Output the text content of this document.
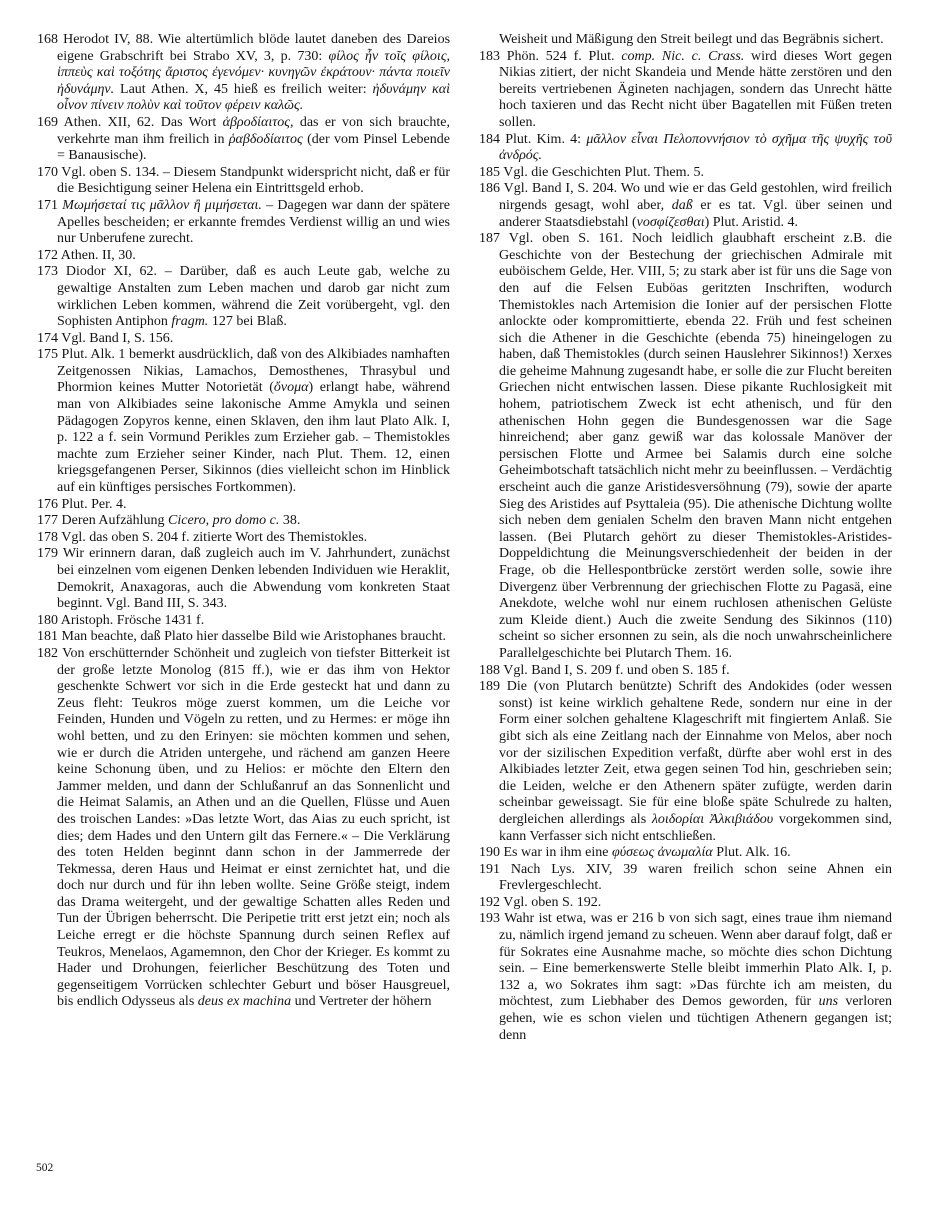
168 Herodot IV, 88. Wie altertümlich blöde lautet daneben des Dareios eigene Grabschrift bei Strabo XV, 3, p. 730: φίλος ἦν τοῖς φίλοις, ἱππεὺς καὶ τοξότης ἄριστος ἐγενόμεν· κυνηγῶν ἐκράτουν· πάντα ποιεῖν ἠδυνάμην. Laut Athen. X, 45 hieß es freilich weiter: ἠδυνάμην καὶ οἶνον πίνειν πολὺν καὶ τοῦτον φέρειν καλῶς.
169 Athen. XII, 62. Das Wort ἁβροδίαιτος, das er von sich brauchte, verkehrte man ihm freilich in ῥαβδοδίαιτος (der vom Pinsel Lebende = Banausische).
170 Vgl. oben S. 134. – Diesem Standpunkt widerspricht nicht, daß er für die Besichtigung seiner Helena ein Eintrittsgeld erhob.
171 Μωμήσεταί τις μᾶλλον ἢ μιμήσεται. – Dagegen war dann der spätere Apelles bescheiden; er erkannte fremdes Verdienst willig an und wies nur Unberufene zurecht.
172 Athen. II, 30.
173 Diodor XI, 62. – Darüber, daß es auch Leute gab, welche zu gewaltige Anstalten zum Leben machen und darob gar nicht zum wirklichen Leben kommen, während die Zeit vorübergeht, vgl. den Sophisten Antiphon fragm. 127 bei Blaß.
174 Vgl. Band I, S. 156.
175 Plut. Alk. 1 bemerkt ausdrücklich, daß von des Alkibiades namhaften Zeitgenossen Nikias, Lamachos, Demosthenes, Thrasybul und Phormion keines Mutter Notorietät (ὄνομα) erlangt habe, während man von Alkibiades seine lakonische Amme Amykla und seinen Pädagogen Zopyros kenne, einen Sklaven, den ihm laut Plato Alk. I, p. 122 a f. sein Vormund Perikles zum Erzieher gab. – Themistokles machte zum Erzieher seiner Kinder, nach Plut. Them. 12, einen kriegsgefangenen Perser, Sikinnos (dies vielleicht schon im Hinblick auf ein künftiges persisches Fortkommen).
176 Plut. Per. 4.
177 Deren Aufzählung Cicero, pro domo c. 38.
178 Vgl. das oben S. 204 f. zitierte Wort des Themistokles.
179 Wir erinnern daran, daß zugleich auch im V. Jahrhundert, zunächst bei einzelnen vom eigenen Denken lebenden Individuen wie Heraklit, Demokrit, Anaxagoras, auch die Abwendung vom konkreten Staat beginnt. Vgl. Band III, S. 343.
180 Aristoph. Frösche 1431 f.
181 Man beachte, daß Plato hier dasselbe Bild wie Aristophanes braucht.
182 Von erschütternder Schönheit und zugleich von tiefster Bitterkeit ist der große letzte Monolog (815 ff.), wie er das ihm von Hektor geschenkte Schwert vor sich in die Erde gesteckt hat und dann zu Zeus fleht: Teukros möge zuerst kommen, um die Leiche vor Feinden, Hunden und Vögeln zu retten, und zu Hermes: er möge ihn wohl betten, und zu den Erinyen: sie möchten kommen und sehen, wie er durch die Atriden untergehe, und rächend am ganzen Heere keine Schonung üben, und zu Helios: er möchte den Eltern den Jammer melden, und dann der Schlußanruf an das Sonnenlicht und die Heimat Salamis, an Athen und an die Quellen, Flüsse und Auen des troischen Landes: »Das letzte Wort, das Aias zu euch spricht, ist dies; dem Hades und den Untern gilt das Fernere.« – Die Verklärung des toten Helden beginnt dann schon in der Jammerrede der Tekmessa, deren Haus und Heimat er einst zernichtet hat, und die doch nur durch und für ihn leben wollte. Seine Größe steigt, indem das Drama weitergeht, und der gewaltige Schatten alles Reden und Tun der Übrigen beherrscht. Die Peripetie tritt erst jetzt ein; noch als Leiche erregt er die höchste Spannung durch seinen Reflex auf Teukros, Menelaos, Agamemnon, den Chor der Krieger. Es kommt zu Hader und Drohungen, feierlicher Beschützung des Toten und gegenseitigem Vorrücken schlechter Geburt und böser Hausgreuel, bis endlich Odysseus als deus ex machina und Vertreter der höhern
Weisheit und Mäßigung den Streit beilegt und das Begräbnis sichert.
183 Phön. 524 f. Plut. comp. Nic. c. Crass. wird dieses Wort gegen Nikias zitiert, der nicht Skandeia und Mende hätte zerstören und den bereits vertriebenen Ägineten nachjagen, sondern das Unrecht hätte hoch taxieren und das Recht nicht über Bagatellen mit Füßen treten sollen.
184 Plut. Kim. 4: μᾶλλον εἶναι Πελοποννήσιον τὸ σχῆμα τῆς ψυχῆς τοῦ ἀνδρός.
185 Vgl. die Geschichten Plut. Them. 5.
186 Vgl. Band I, S. 204. Wo und wie er das Geld gestohlen, wird freilich nirgends gesagt, wohl aber, daß er es tat. Vgl. über seinen und anderer Staatsdiebstahl (νοσφίζεσθαι) Plut. Aristid. 4.
187 Vgl. oben S. 161. Noch leidlich glaubhaft erscheint z.B. die Geschichte von der Bestechung der griechischen Admirale mit euböischem Gelde, Her. VIII, 5; zu stark aber ist für uns die Sage von den auf die Felsen Euböas geritzten Inschriften, wodurch Themistokles nach Artemision die Ionier auf der persischen Flotte anlockte oder kompromittierte, ebenda 22. Früh und fest scheinen sich die Athener in die Geschichte (ebenda 75) hineingelogen zu haben, daß Themistokles (durch seinen Hauslehrer Sikinnos!) Xerxes die geheime Mahnung zugesandt habe, er solle die zur Flucht bereiten Griechen nicht entwischen lassen. Diese pikante Ruchlosigkeit mit hohem, patriotischem Zweck ist echt athenisch, und für den athenischen Hohn gegen die Bundesgenossen war die Sage hinreichend; aber ganz gewiß war das kolossale Manöver der persischen Flotte und Armee bei Salamis durch eine solche Geheimbotschaft tatsächlich nicht mehr zu beeinflussen. – Verdächtig erscheint auch die ganze Aristidesversöhnung (79), sowie der aparte Sieg des Aristides auf Psyttaleia (95). Die athenische Dichtung wollte sich neben dem genialen Schelm den braven Mann nicht entgehen lassen. (Bei Plutarch gehört zu dieser Themistokles-Aristides-Doppeldichtung die Meinungsverschiedenheit der beiden in der Frage, ob die Hellespontbrücke zerstört werden solle, sowie ihre Divergenz über Verbrennung der griechischen Flotte zu Pagasä, eine Anekdote, welche wohl nur einem ruchlosen athenischen Gelüste zum Kleide dient.) Auch die zweite Sendung des Sikinnos (110) scheint so sicher ersonnen zu sein, als die noch unwahrscheinlichere Parallelgeschichte bei Plutarch Them. 16.
188 Vgl. Band I, S. 209 f. und oben S. 185 f.
189 Die (von Plutarch benützte) Schrift des Andokides (oder wessen sonst) ist keine wirklich gehaltene Rede, sondern nur eine in der Form einer solchen gehaltene Klageschrift mit fingiertem Anlaß. Sie gibt sich als eine Zeitlang nach der Einnahme von Melos, aber noch vor der sizilischen Expedition verfaßt, dürfte aber wohl erst in des Alkibiades letzter Zeit, etwa gegen seinen Tod hin, geschrieben sein; die Leiden, welche er den Athenern später zufügte, werden darin scheinbar geweissagt. Sie für eine bloße späte Schulrede zu halten, dergleichen allerdings als λοιδορίαι Ἀλκιβιάδου vorgekommen sind, kann Verfasser sich nicht entschließen.
190 Es war in ihm eine φύσεως ἀνωμαλία Plut. Alk. 16.
191 Nach Lys. XIV, 39 waren freilich schon seine Ahnen ein Frevlergeschlecht.
192 Vgl. oben S. 192.
193 Wahr ist etwa, was er 216 b von sich sagt, eines traue ihm niemand zu, nämlich irgend jemand zu scheuen. Wenn aber darauf folgt, daß er für Sokrates eine Ausnahme mache, so möchte dies schon Dichtung sein. – Eine bemerkenswerte Stelle bleibt immerhin Plato Alk. I, p. 132 a, wo Sokrates ihm sagt: »Das fürchte ich am meisten, du möchtest, zum Liebhaber des Demos geworden, für uns verloren gehen, wie es schon vielen und tüchtigen Athenern gegangen ist; denn
502
